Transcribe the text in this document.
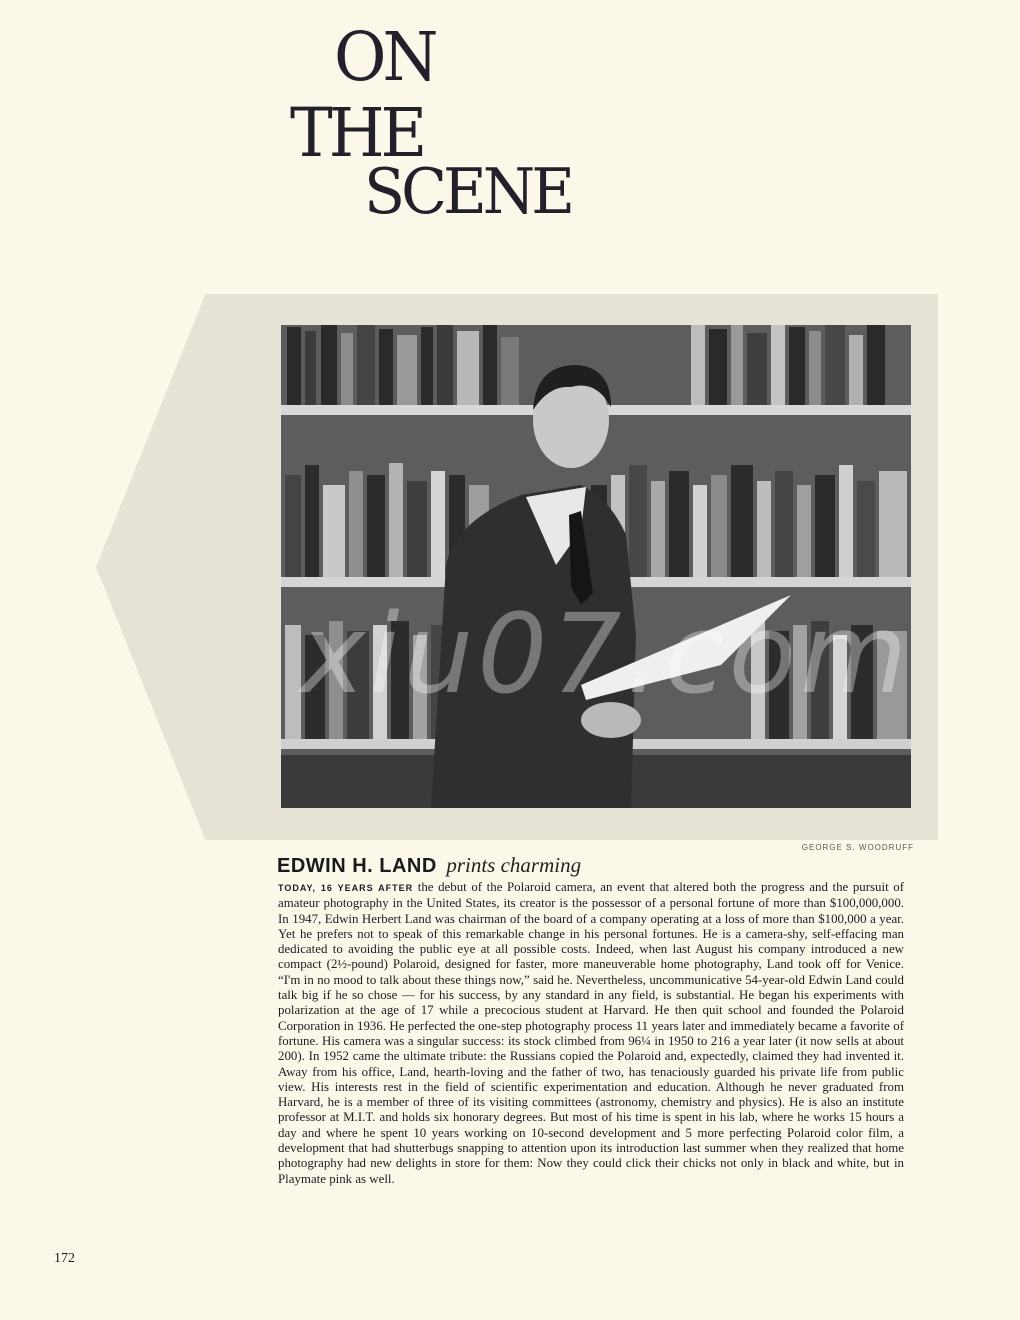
ON
THE
SCENE
xiu07.com
GEORGE S. WOODRUFF
EDWIN H. LAND prints charming
TODAY, 16 YEARS AFTER the debut of the Polaroid camera, an event that altered both the progress and the pursuit of amateur photography in the United States, its creator is the possessor of a personal fortune of more than $100,000,000. In 1947, Edwin Herbert Land was chairman of the board of a company operating at a loss of more than $100,000 a year. Yet he prefers not to speak of this remarkable change in his personal fortunes. He is a camera-shy, self-effacing man dedicated to avoiding the public eye at all possible costs. Indeed, when last August his company introduced a new compact (2½-pound) Polaroid, designed for faster, more maneuverable home photography, Land took off for Venice. “I'm in no mood to talk about these things now,” said he. Nevertheless, uncommunicative 54-year-old Edwin Land could talk big if he so chose — for his success, by any standard in any field, is substantial. He began his experiments with polarization at the age of 17 while a precocious student at Harvard. He then quit school and founded the Polaroid Corporation in 1936. He perfected the one-step photography process 11 years later and immediately became a favorite of fortune. His camera was a singular success: its stock climbed from 96¼ in 1950 to 216 a year later (it now sells at about 200). In 1952 came the ultimate tribute: the Russians copied the Polaroid and, expectedly, claimed they had invented it. Away from his office, Land, hearth-loving and the father of two, has tenaciously guarded his private life from public view. His interests rest in the field of scientific experimentation and education. Although he never graduated from Harvard, he is a member of three of its visiting committees (astronomy, chemistry and physics). He is also an institute professor at M.I.T. and holds six honorary degrees. But most of his time is spent in his lab, where he works 15 hours a day and where he spent 10 years working on 10-second development and 5 more perfecting Polaroid color film, a development that had shutterbugs snapping to attention upon its introduction last summer when they realized that home photography had new delights in store for them: Now they could click their chicks not only in black and white, but in Playmate pink as well.
172
